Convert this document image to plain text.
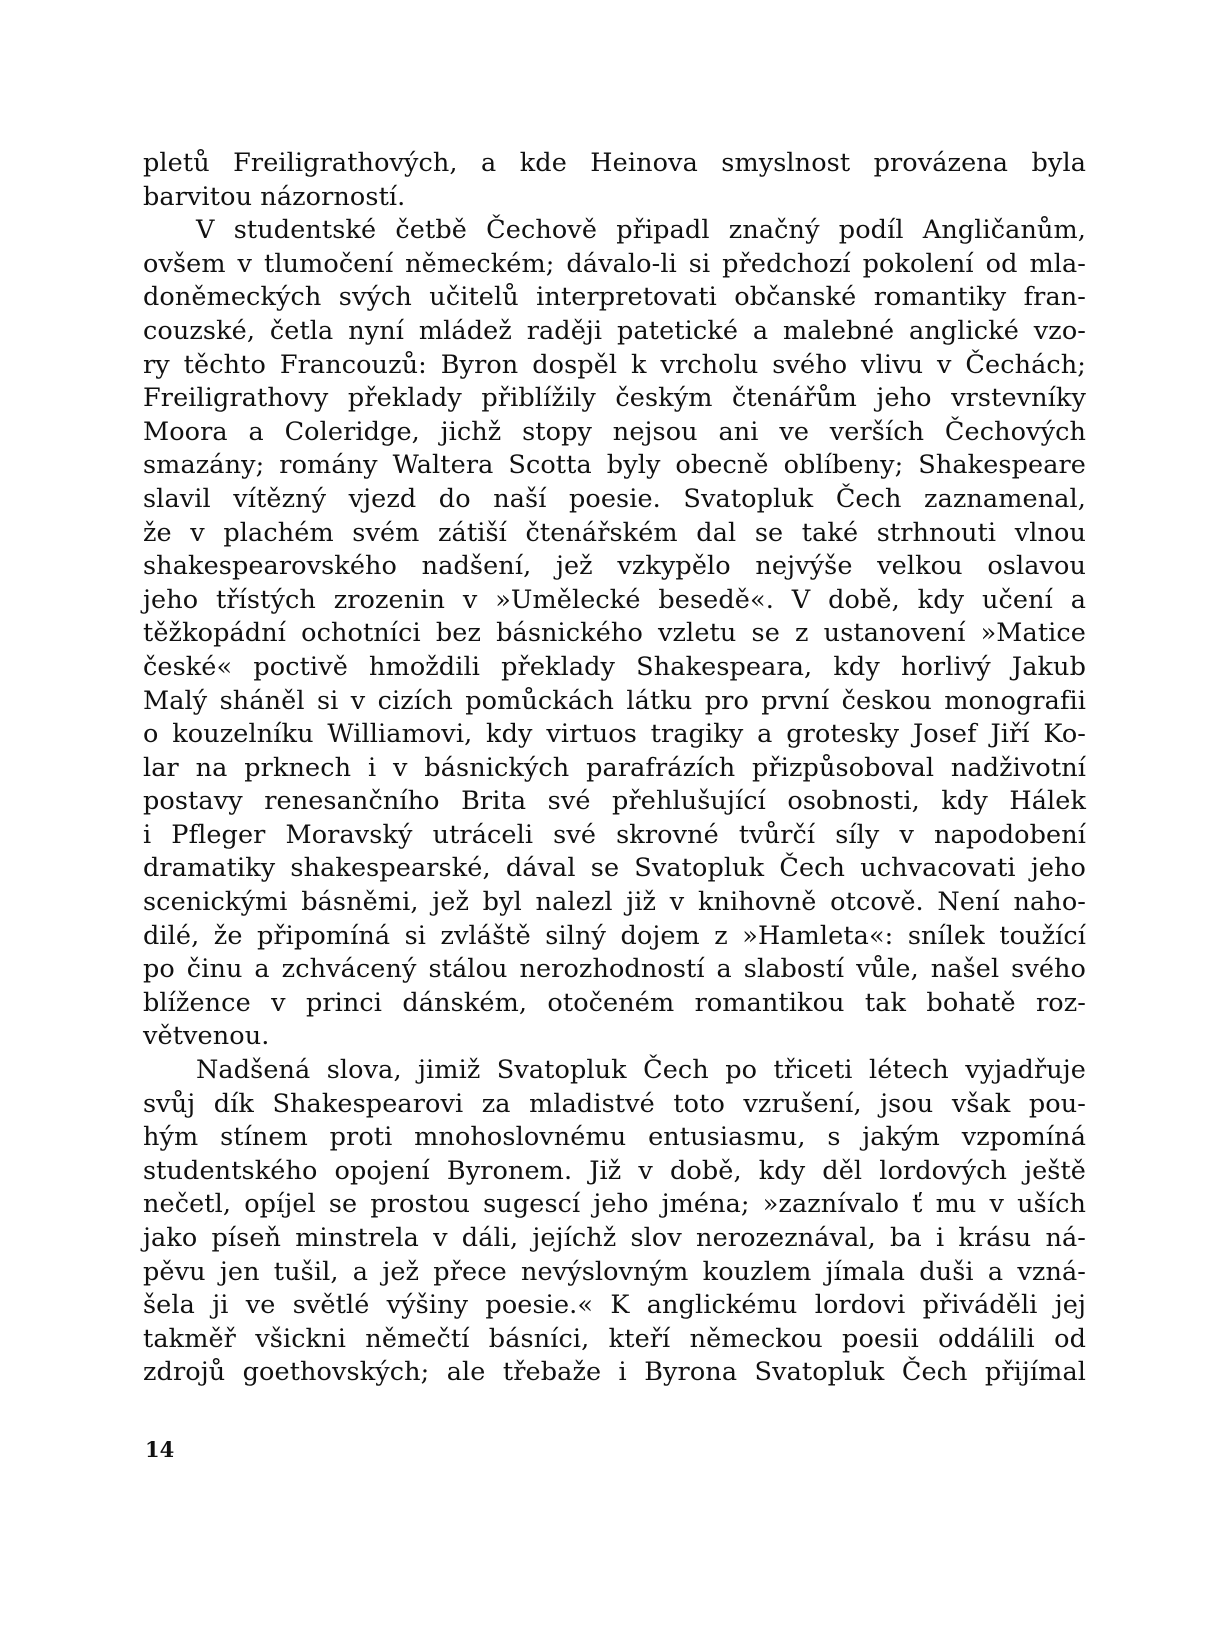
pletů Freiligrathových, a kde Heinova smyslnost provázena byla
barvitou názorností.
V studentské četbě Čechově připadl značný podíl Angličanům,
ovšem v tlumočení německém; dávalo-li si předchozí pokolení od mla-
doněmeckých svých učitelů interpretovati občanské romantiky fran-
couzské, četla nyní mládež raději patetické a malebné anglické vzo-
ry těchto Francouzů: Byron dospěl k vrcholu svého vlivu v Čechách;
Freiligrathovy překlady přiblížily českým čtenářům jeho vrstevníky
Moora a Coleridge, jichž stopy nejsou ani ve verších Čechových
smazány; romány Waltera Scotta byly obecně oblíbeny; Shakespeare
slavil vítězný vjezd do naší poesie. Svatopluk Čech zaznamenal,
že v plachém svém zátiší čtenářském dal se také strhnouti vlnou
shakespearovského nadšení, jež vzkypělo nejvýše velkou oslavou
jeho třístých zrozenin v »Umělecké besedě«. V době, kdy učení a
těžkopádní ochotníci bez básnického vzletu se z ustanovení »Matice
české« poctivě hmoždili překlady Shakespeara, kdy horlivý Jakub
Malý sháněl si v cizích pomůckách látku pro první českou monografii
o kouzelníku Williamovi, kdy virtuos tragiky a grotesky Josef Jiří Ko-
lar na prknech i v básnických parafrázích přizpůsoboval nadživotní
postavy renesančního Brita své přehlušující osobnosti, kdy Hálek
i Pfleger Moravský utráceli své skrovné tvůrčí síly v napodobení
dramatiky shakespearské, dával se Svatopluk Čech uchvacovati jeho
scenickými básněmi, jež byl nalezl již v knihovně otcově. Není naho-
dilé, že připomíná si zvláště silný dojem z »Hamleta«: snílek toužící
po činu a zchvácený stálou nerozhodností a slabostí vůle, našel svého
blížence v princi dánském, otočeném romantikou tak bohatě roz-
větvenou.
Nadšená slova, jimiž Svatopluk Čech po třiceti létech vyjadřuje
svůj dík Shakespearovi za mladistvé toto vzrušení, jsou však pou-
hým stínem proti mnohoslovnému entusiasmu, s jakým vzpomíná
studentského opojení Byronem. Již v době, kdy děl lordových ještě
nečetl, opíjel se prostou sugescí jeho jména; »zaznívalo ť mu v uších
jako píseň minstrela v dáli, jejíchž slov nerozeznával, ba i krásu ná-
pěvu jen tušil, a jež přece nevýslovným kouzlem jímala duši a vzná-
šela ji ve světlé výšiny poesie.« K anglickému lordovi přiváděli jej
takměř všickni němečtí básníci, kteří německou poesii oddálili od
zdrojů goethovských; ale třebaže i Byrona Svatopluk Čech přijímal
14
